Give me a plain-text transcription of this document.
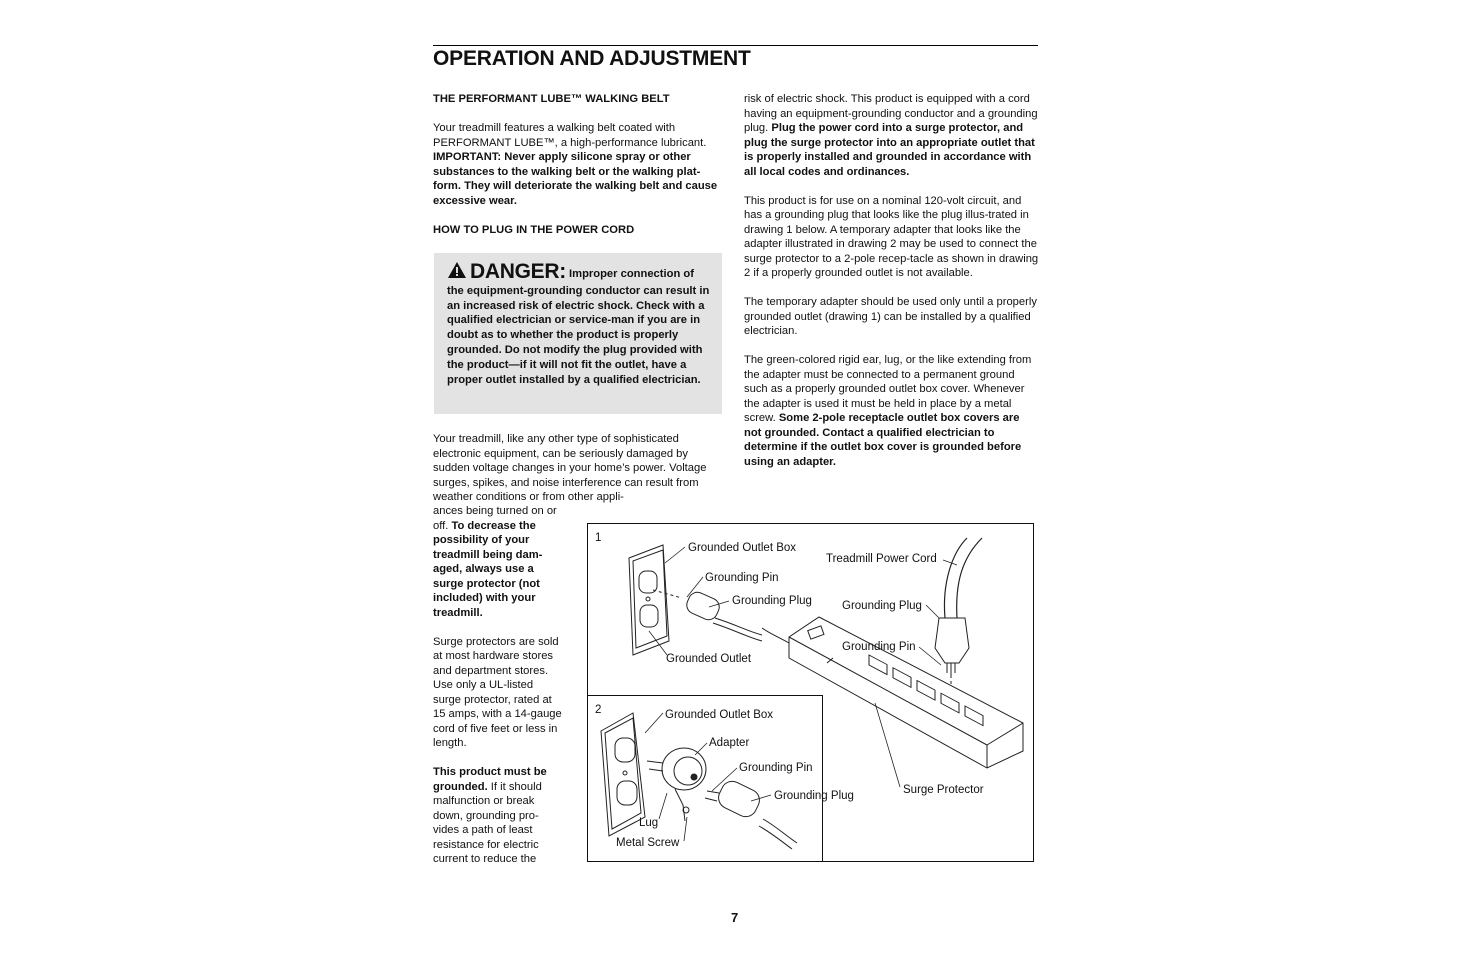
OPERATION AND ADJUSTMENT
THE PERFORMANT LUBE™ WALKING BELT

Your treadmill features a walking belt coated with PERFORMANT LUBE™, a high-performance lubricant. IMPORTANT: Never apply silicone spray or other substances to the walking belt or the walking plat-form. They will deteriorate the walking belt and cause excessive wear.

HOW TO PLUG IN THE POWER CORD
DANGER: Improper connection of the equipment-grounding conductor can result in an increased risk of electric shock. Check with a qualified electrician or service-man if you are in doubt as to whether the product is properly grounded. Do not modify the plug provided with the product—if it will not fit the outlet, have a proper outlet installed by a qualified electrician.

Your treadmill, like any other type of sophisticated electronic equipment, can be seriously damaged by sudden voltage changes in your home’s power. Voltage surges, spikes, and noise interference can result from weather conditions or from other appli-

ances being turned on or off. To decrease the possibility of your treadmill being dam-aged, always use a surge protector (not included) with your treadmill.

Surge protectors are sold at most hardware stores and department stores. Use only a UL-listed surge protector, rated at 15 amps, with a 14-gauge cord of five feet or less in length.

This product must be grounded. If it should malfunction or break down, grounding pro-vides a path of least resistance for electric current to reduce the

risk of electric shock. This product is equipped with a cord having an equipment-grounding conductor and a grounding plug. Plug the power cord into a surge protector, and plug the surge protector into an appropriate outlet that is properly installed and grounded in accordance with all local codes and ordinances.

This product is for use on a nominal 120-volt circuit, and has a grounding plug that looks like the plug illus-trated in drawing 1 below. A temporary adapter that looks like the adapter illustrated in drawing 2 may be used to connect the surge protector to a 2-pole recep-tacle as shown in drawing 2 if a properly grounded outlet is not available.

The temporary adapter should be used only until a properly grounded outlet (drawing 1) can be installed by a qualified electrician.

The green-colored rigid ear, lug, or the like extending from the adapter must be connected to a permanent ground such as a properly grounded outlet box cover. Whenever the adapter is used it must be held in place by a metal screw. Some 2-pole receptacle outlet box covers are not grounded. Contact a qualified electrician to determine if the outlet box cover is grounded before using an adapter.

1
2
Grounded Outlet Box
Grounding Pin
Grounding Plug
Grounded Outlet
Treadmill Power Cord
Grounding Plug
Grounding Pin
Surge Protector
Grounded Outlet Box
Adapter
Grounding Pin
Grounding Plug
Lug
Metal Screw
7
